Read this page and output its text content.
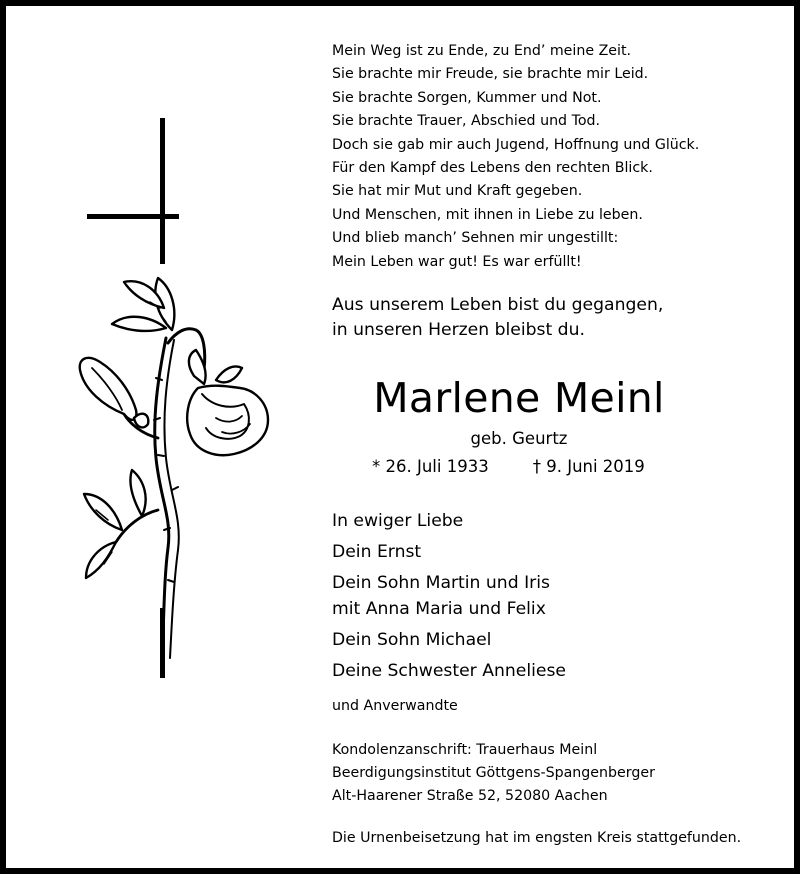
Mein Weg ist zu Ende, zu End’ meine Zeit.
Sie brachte mir Freude, sie brachte mir Leid.
Sie brachte Sorgen, Kummer und Not.
Sie brachte Trauer, Abschied und Tod.
Doch sie gab mir auch Jugend, Hoffnung und Glück.
Für den Kampf des Lebens den rechten Blick.
Sie hat mir Mut und Kraft gegeben.
Und Menschen, mit ihnen in Liebe zu leben.
Und blieb manch’ Sehnen mir ungestillt:
Mein Leben war gut! Es war erfüllt!
Aus unserem Leben bist du gegangen,
in unseren Herzen bleibst du.
Marlene Meinl
geb. Geurtz
* 26. Juli 1933	† 9. Juni 2019
In ewiger Liebe
Dein Ernst
Dein Sohn Martin und Iris
mit Anna Maria und Felix
Dein Sohn Michael
Deine Schwester Anneliese
und Anverwandte
Kondolenzanschrift: Trauerhaus Meinl
Beerdigungsinstitut Göttgens-Spangenberger
Alt-Haarener Straße 52, 52080 Aachen
Die Urnenbeisetzung hat im engsten Kreis stattgefunden.
